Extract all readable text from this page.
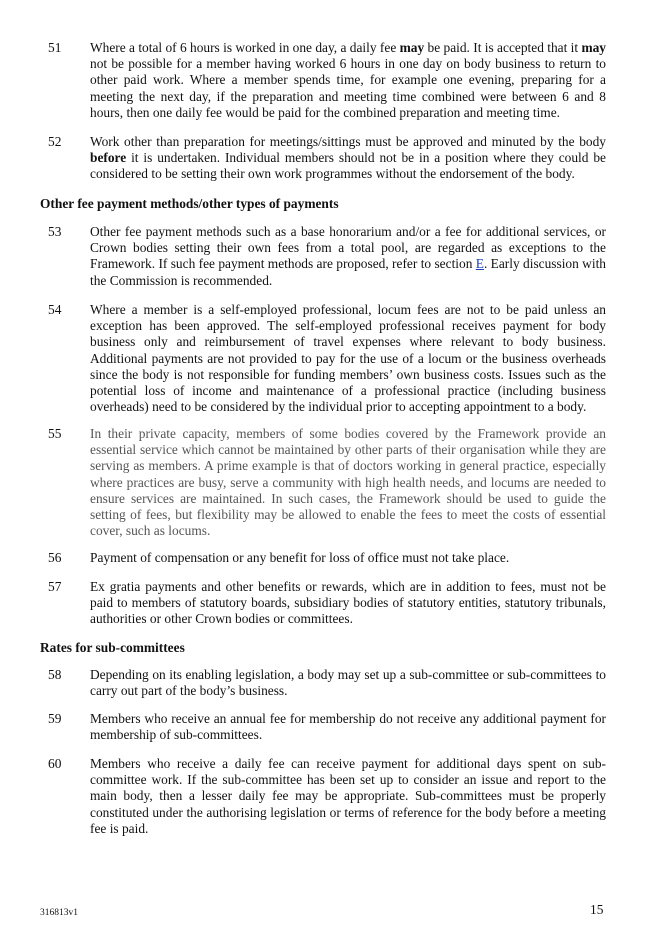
51	Where a total of 6 hours is worked in one day, a daily fee may be paid. It is accepted that it may not be possible for a member having worked 6 hours in one day on body business to return to other paid work. Where a member spends time, for example one evening, preparing for a meeting the next day, if the preparation and meeting time combined were between 6 and 8 hours, then one daily fee would be paid for the combined preparation and meeting time.
52	Work other than preparation for meetings/sittings must be approved and minuted by the body before it is undertaken. Individual members should not be in a position where they could be considered to be setting their own work programmes without the endorsement of the body.
Other fee payment methods/other types of payments
53	Other fee payment methods such as a base honorarium and/or a fee for additional services, or Crown bodies setting their own fees from a total pool, are regarded as exceptions to the Framework. If such fee payment methods are proposed, refer to section E. Early discussion with the Commission is recommended.
54	Where a member is a self-employed professional, locum fees are not to be paid unless an exception has been approved. The self-employed professional receives payment for body business only and reimbursement of travel expenses where relevant to body business. Additional payments are not provided to pay for the use of a locum or the business overheads since the body is not responsible for funding members’ own business costs. Issues such as the potential loss of income and maintenance of a professional practice (including business overheads) need to be considered by the individual prior to accepting appointment to a body.
55	In their private capacity, members of some bodies covered by the Framework provide an essential service which cannot be maintained by other parts of their organisation while they are serving as members. A prime example is that of doctors working in general practice, especially where practices are busy, serve a community with high health needs, and locums are needed to ensure services are maintained. In such cases, the Framework should be used to guide the setting of fees, but flexibility may be allowed to enable the fees to meet the costs of essential cover, such as locums.
56	Payment of compensation or any benefit for loss of office must not take place.
57	Ex gratia payments and other benefits or rewards, which are in addition to fees, must not be paid to members of statutory boards, subsidiary bodies of statutory entities, statutory tribunals, authorities or other Crown bodies or committees.
Rates for sub-committees
58	Depending on its enabling legislation, a body may set up a sub-committee or sub-committees to carry out part of the body’s business.
59	Members who receive an annual fee for membership do not receive any additional payment for membership of sub-committees.
60	Members who receive a daily fee can receive payment for additional days spent on sub-committee work. If the sub-committee has been set up to consider an issue and report to the main body, then a lesser daily fee may be appropriate. Sub-committees must be properly constituted under the authorising legislation or terms of reference for the body before a meeting fee is paid.
316813v1	15
